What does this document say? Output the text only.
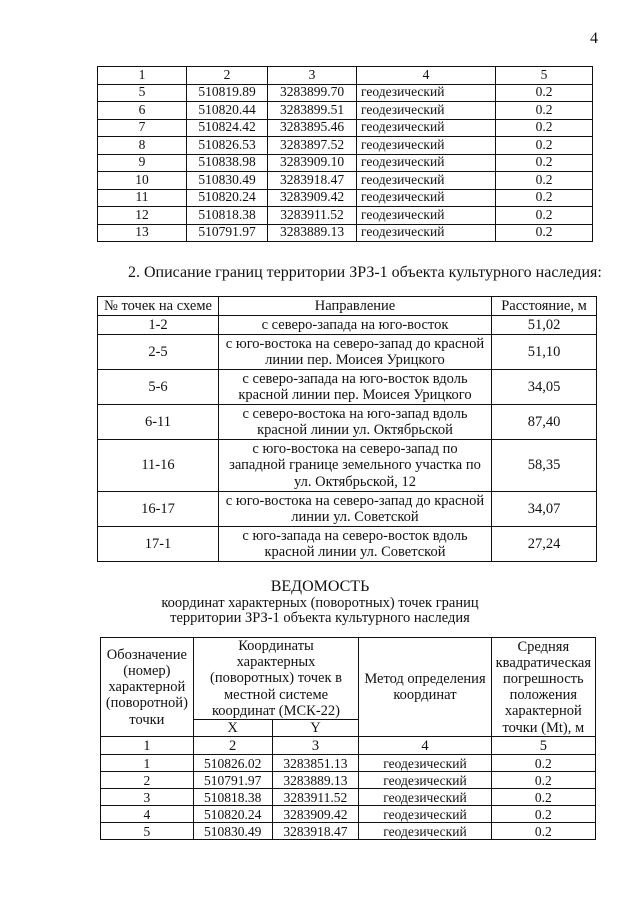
4
1	2	3	4	5
5	510819.89	3283899.70	геодезический	0.2
6	510820.44	3283899.51	геодезический	0.2
7	510824.42	3283895.46	геодезический	0.2
8	510826.53	3283897.52	геодезический	0.2
9	510838.98	3283909.10	геодезический	0.2
10	510830.49	3283918.47	геодезический	0.2
11	510820.24	3283909.42	геодезический	0.2
12	510818.38	3283911.52	геодезический	0.2
13	510791.97	3283889.13	геодезический	0.2
2. Описание границ территории ЗРЗ-1 объекта культурного наследия:
№ точек на схеме	Направление	Расстояние, м
1-2	с северо-запада на юго-восток	51,02
2-5	с юго-востока на северо-запад до красной линии пер. Моисея Урицкого	51,10
5-6	с северо-запада на юго-восток вдоль красной линии пер. Моисея Урицкого	34,05
6-11	с северо-востока на юго-запад вдоль красной линии ул. Октябрьской	87,40
11-16	с юго-востока на северо-запад по западной границе земельного участка по ул. Октябрьской, 12	58,35
16-17	с юго-востока на северо-запад до красной линии ул. Советской	34,07
17-1	с юго-запада на северо-восток вдоль красной линии ул. Советской	27,24
ВЕДОМОСТЬ
координат характерных (поворотных) точек границ
территории ЗРЗ-1 объекта культурного наследия
Обозначение (номер) характерной (поворотной) точки	Координаты характерных (поворотных) точек в местной системе координат (МСК-22)		Метод определения координат	Средняя квадратическая погрешность положения характерной точки (Mt), м
	X	Y		
1	2	3	4	5
1	510826.02	3283851.13	геодезический	0.2
2	510791.97	3283889.13	геодезический	0.2
3	510818.38	3283911.52	геодезический	0.2
4	510820.24	3283909.42	геодезический	0.2
5	510830.49	3283918.47	геодезический	0.2
